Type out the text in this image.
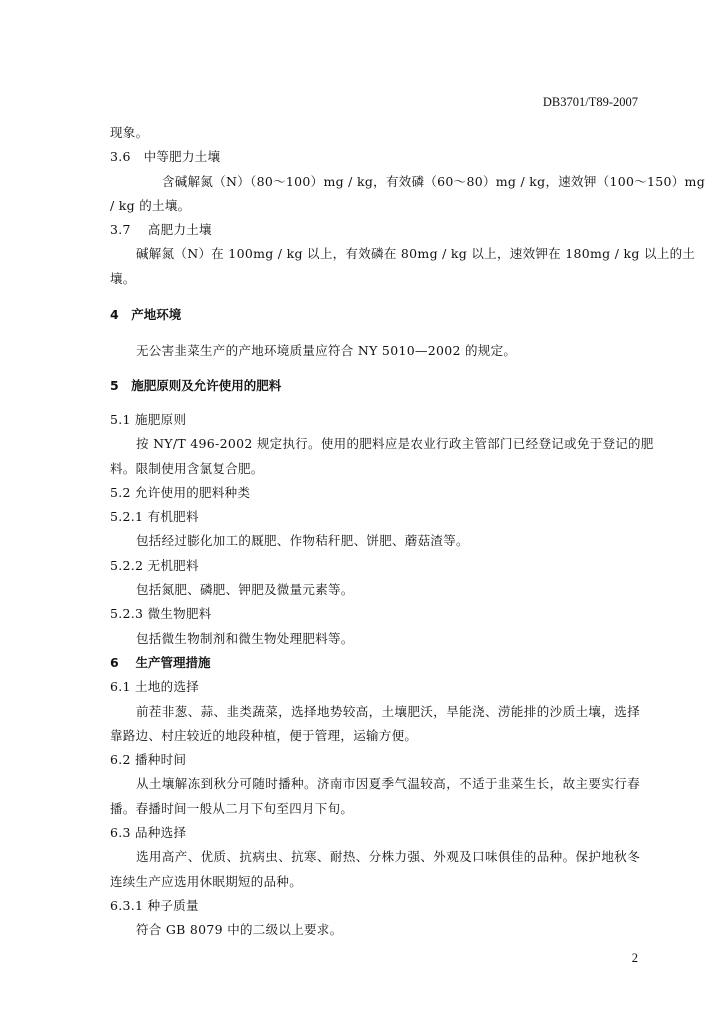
DB3701/T89-2007
现象。
3.6　中等肥力土壤
含碱解氮（N）（80～100）mg / kg，有效磷（60～80）mg / kg，速效钾（100～150）mg
/ kg 的土壤。
3.7　 高肥力土壤
碱解氮（N）在 100mg / kg 以上，有效磷在 80mg / kg 以上，速效钾在 180mg / kg 以上的土
壤。
4　产地环境
无公害韭菜生产的产地环境质量应符合 NY 5010—2002 的规定。
5　施肥原则及允许使用的肥料
5.1 施肥原则
按 NY/T 496-2002 规定执行。使用的肥料应是农业行政主管部门已经登记或免于登记的肥
料。限制使用含氯复合肥。
5.2 允许使用的肥料种类
5.2.1 有机肥料
包括经过膨化加工的厩肥、作物秸秆肥、饼肥、蘑菇渣等。
5.2.2 无机肥料
包括氮肥、磷肥、钾肥及微量元素等。
5.2.3 微生物肥料
包括微生物制剂和微生物处理肥料等。
6　 生产管理措施
6.1 土地的选择
前茬非葱、蒜、韭类蔬菜，选择地势较高，土壤肥沃，旱能浇、涝能排的沙质土壤，选择
靠路边、村庄较近的地段种植，便于管理，运输方便。
6.2 播种时间
从土壤解冻到秋分可随时播种。济南市因夏季气温较高，不适于韭菜生长，故主要实行春
播。春播时间一般从二月下旬至四月下旬。
6.3 品种选择
选用高产、优质、抗病虫、抗寒、耐热、分株力强、外观及口味俱佳的品种。保护地秋冬
连续生产应选用休眠期短的品种。
6.3.1 种子质量
符合 GB 8079 中的二级以上要求。
2
